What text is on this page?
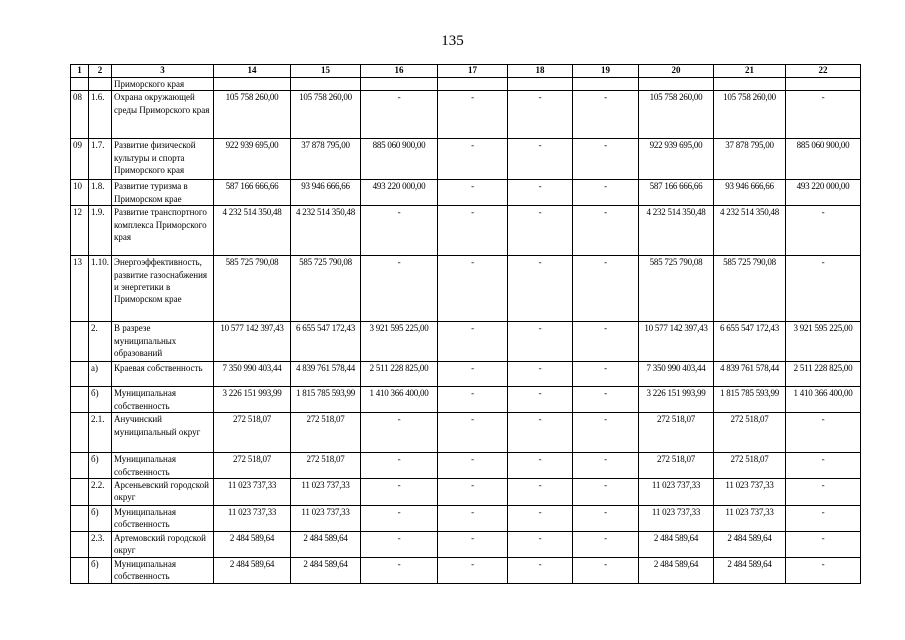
135
1	2	3	14	15	16	17	18	19	20	21	22
		Приморского края									
08	1.6.	Охрана окружающей среды Приморского края	105 758 260,00	105 758 260,00	-	-	-	-	105 758 260,00	105 758 260,00	-
09	1.7.	Развитие физической культуры и спорта Приморского края	922 939 695,00	37 878 795,00	885 060 900,00	-	-	-	922 939 695,00	37 878 795,00	885 060 900,00
10	1.8.	Развитие туризма в Приморском крае	587 166 666,66	93 946 666,66	493 220 000,00	-	-	-	587 166 666,66	93 946 666,66	493 220 000,00
12	1.9.	Развитие транспортного комплекса Приморского края	4 232 514 350,48	4 232 514 350,48	-	-	-	-	4 232 514 350,48	4 232 514 350,48	-
13	1.10.	Энергоэффективность, развитие газоснабжения и энергетики в Приморском крае	585 725 790,08	585 725 790,08	-	-	-	-	585 725 790,08	585 725 790,08	-
	2.	В разрезе муниципальных образований	10 577 142 397,43	6 655 547 172,43	3 921 595 225,00	-	-	-	10 577 142 397,43	6 655 547 172,43	3 921 595 225,00
	а)	Краевая собственность	7 350 990 403,44	4 839 761 578,44	2 511 228 825,00	-	-	-	7 350 990 403,44	4 839 761 578,44	2 511 228 825,00
	б)	Муниципальная собственность	3 226 151 993,99	1 815 785 593,99	1 410 366 400,00	-	-	-	3 226 151 993,99	1 815 785 593,99	1 410 366 400,00
	2.1.	Анучинский муниципальный округ	272 518,07	272 518,07	-	-	-	-	272 518,07	272 518,07	-
	б)	Муниципальная собственность	272 518,07	272 518,07	-	-	-	-	272 518,07	272 518,07	-
	2.2.	Арсеньевский городской округ	11 023 737,33	11 023 737,33	-	-	-	-	11 023 737,33	11 023 737,33	-
	б)	Муниципальная собственность	11 023 737,33	11 023 737,33	-	-	-	-	11 023 737,33	11 023 737,33	-
	2.3.	Артемовский городской округ	2 484 589,64	2 484 589,64	-	-	-	-	2 484 589,64	2 484 589,64	-
	б)	Муниципальная собственность	2 484 589,64	2 484 589,64	-	-	-	-	2 484 589,64	2 484 589,64	-
